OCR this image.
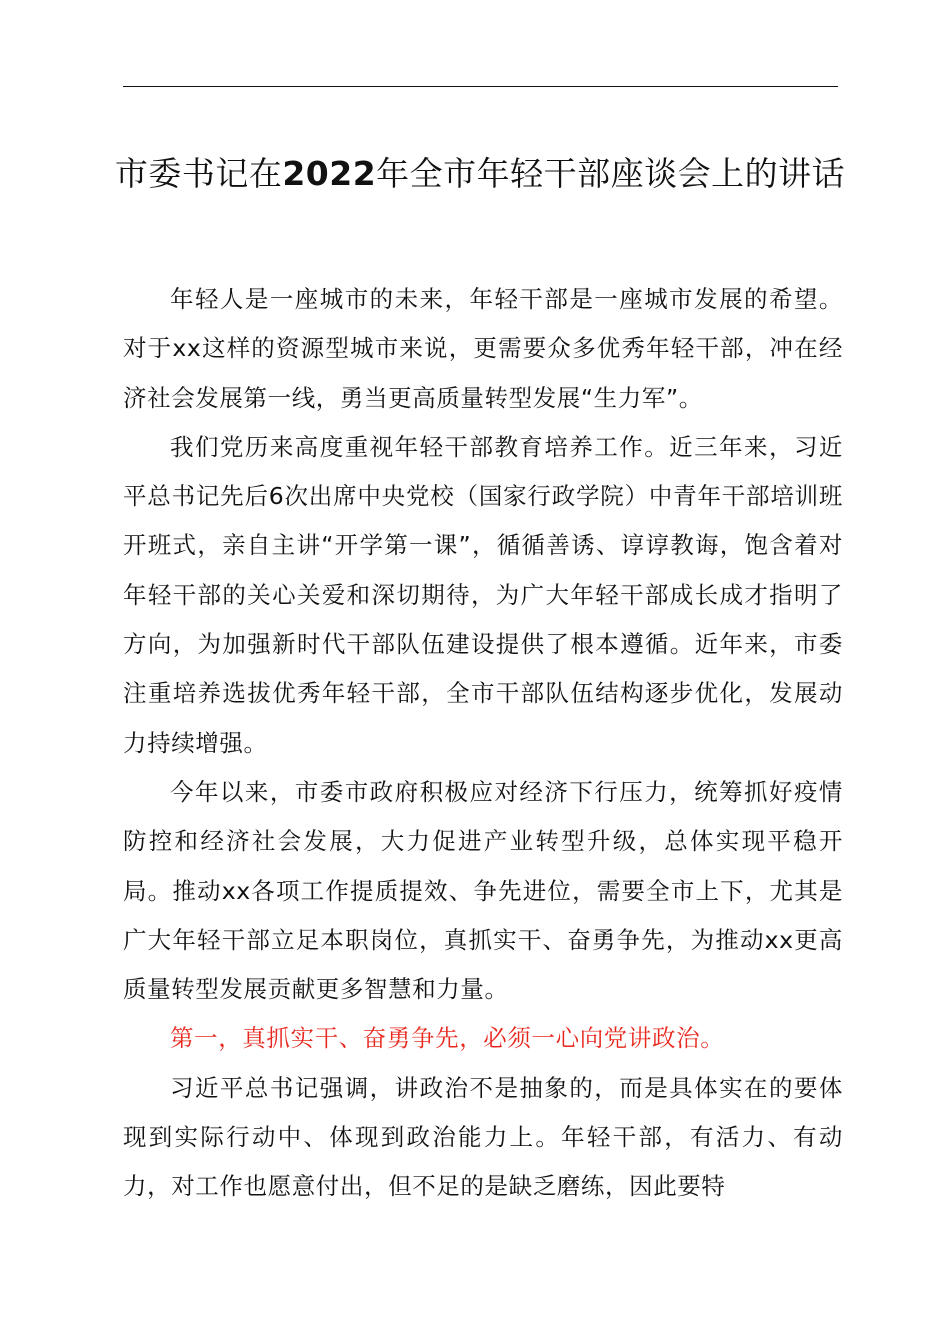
市委书记在2022年全市年轻干部座谈会上的讲话

年轻人是一座城市的未来，年轻干部是一座城市发展的希望。对于xx这样的资源型城市来说，更需要众多优秀年轻干部，冲在经济社会发展第一线，勇当更高质量转型发展“生力军”。

我们党历来高度重视年轻干部教育培养工作。近三年来，习近平总书记先后6次出席中央党校（国家行政学院）中青年干部培训班开班式，亲自主讲“开学第一课”，循循善诱、谆谆教诲，饱含着对年轻干部的关心关爱和深切期待，为广大年轻干部成长成才指明了方向，为加强新时代干部队伍建设提供了根本遵循。近年来，市委注重培养选拔优秀年轻干部，全市干部队伍结构逐步优化，发展动力持续增强。

今年以来，市委市政府积极应对经济下行压力，统筹抓好疫情防控和经济社会发展，大力促进产业转型升级，总体实现平稳开局。推动xx各项工作提质提效、争先进位，需要全市上下，尤其是广大年轻干部立足本职岗位，真抓实干、奋勇争先，为推动xx更高质量转型发展贡献更多智慧和力量。

第一，真抓实干、奋勇争先，必须一心向党讲政治。

习近平总书记强调，讲政治不是抽象的，而是具体实在的要体现到实际行动中、体现到政治能力上。年轻干部，有活力、有动力，对工作也愿意付出，但不足的是缺乏磨练，因此要特
